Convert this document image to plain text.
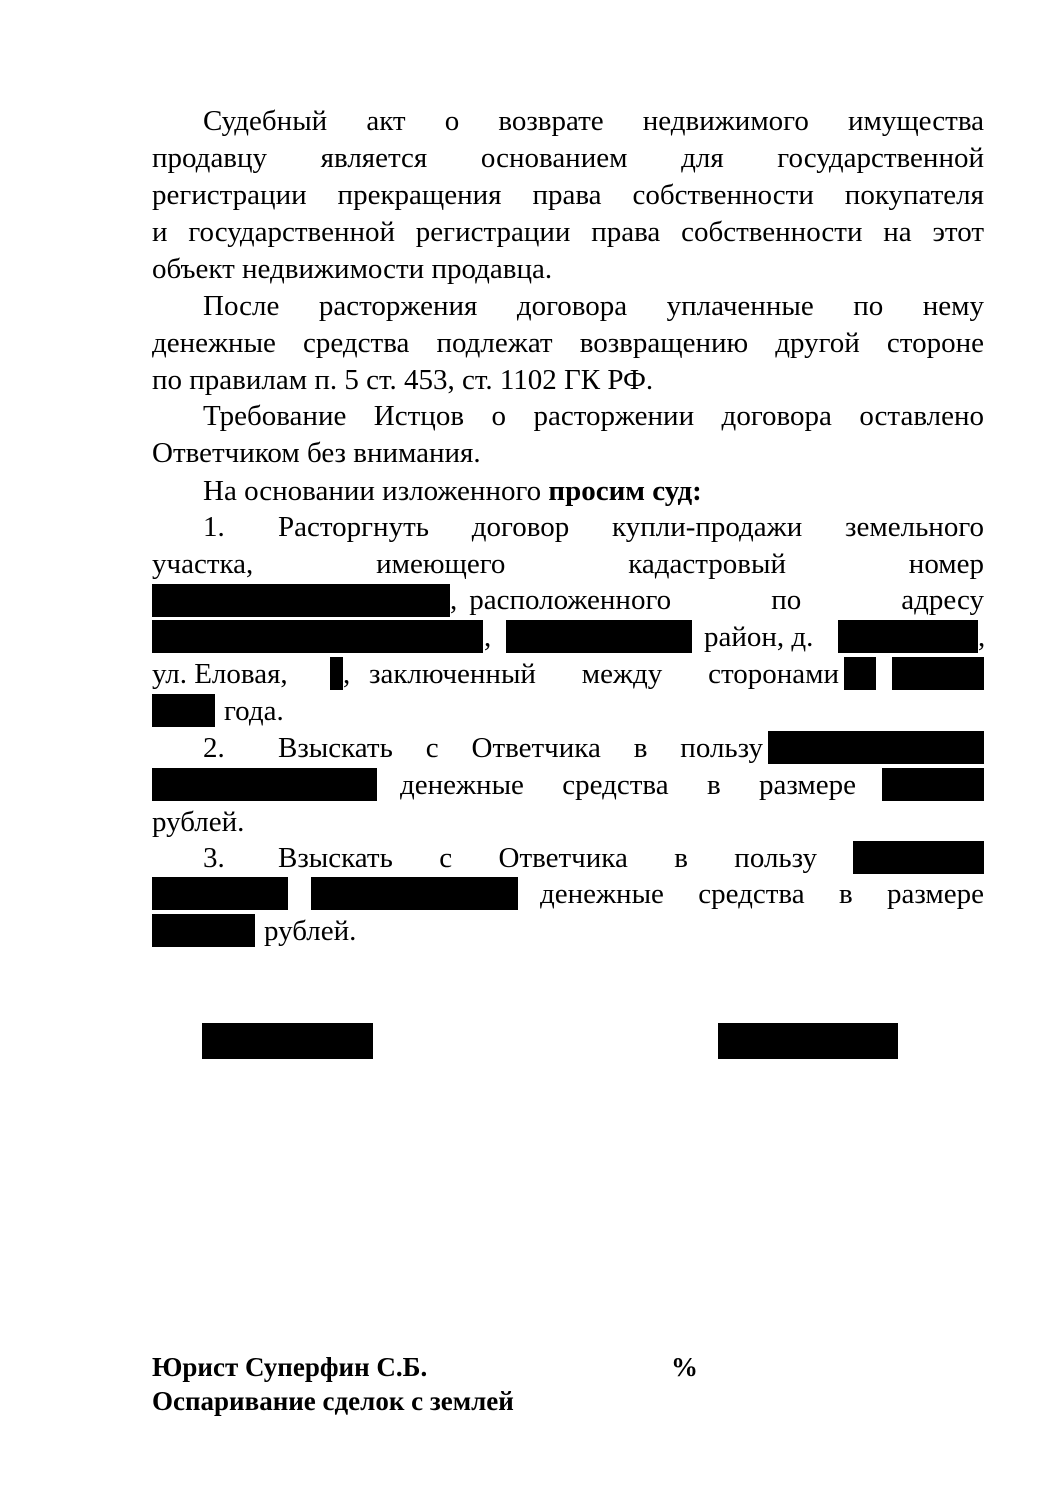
Судебный акт о возврате недвижимого имущества
продавцу является основанием для государственной
регистрации прекращения права собственности покупателя
и государственной регистрации права собственности на этот
объект недвижимости продавца.
После расторжения договора уплаченные по нему
денежные средства подлежат возвращению другой стороне
по правилам п. 5 ст. 453, ст. 1102 ГК РФ.
Требование Истцов о расторжении договора оставлено
Ответчиком без внимания.
На основании изложенного просим суд:
1.	Расторгнуть договор купли-продажи земельного
участка, имеющего кадастровый номер
, расположенного по адресу
,	район, д.	,
ул. Еловая,	, заключенный между сторонами
года.
2.	Взыскать с Ответчика в пользу
денежные средства в размере
рублей.
3.	Взыскать с Ответчика в пользу
денежные средства в размере
рублей.
Юрист Суперфин С.Б.	%
Оспаривание сделок с землей
